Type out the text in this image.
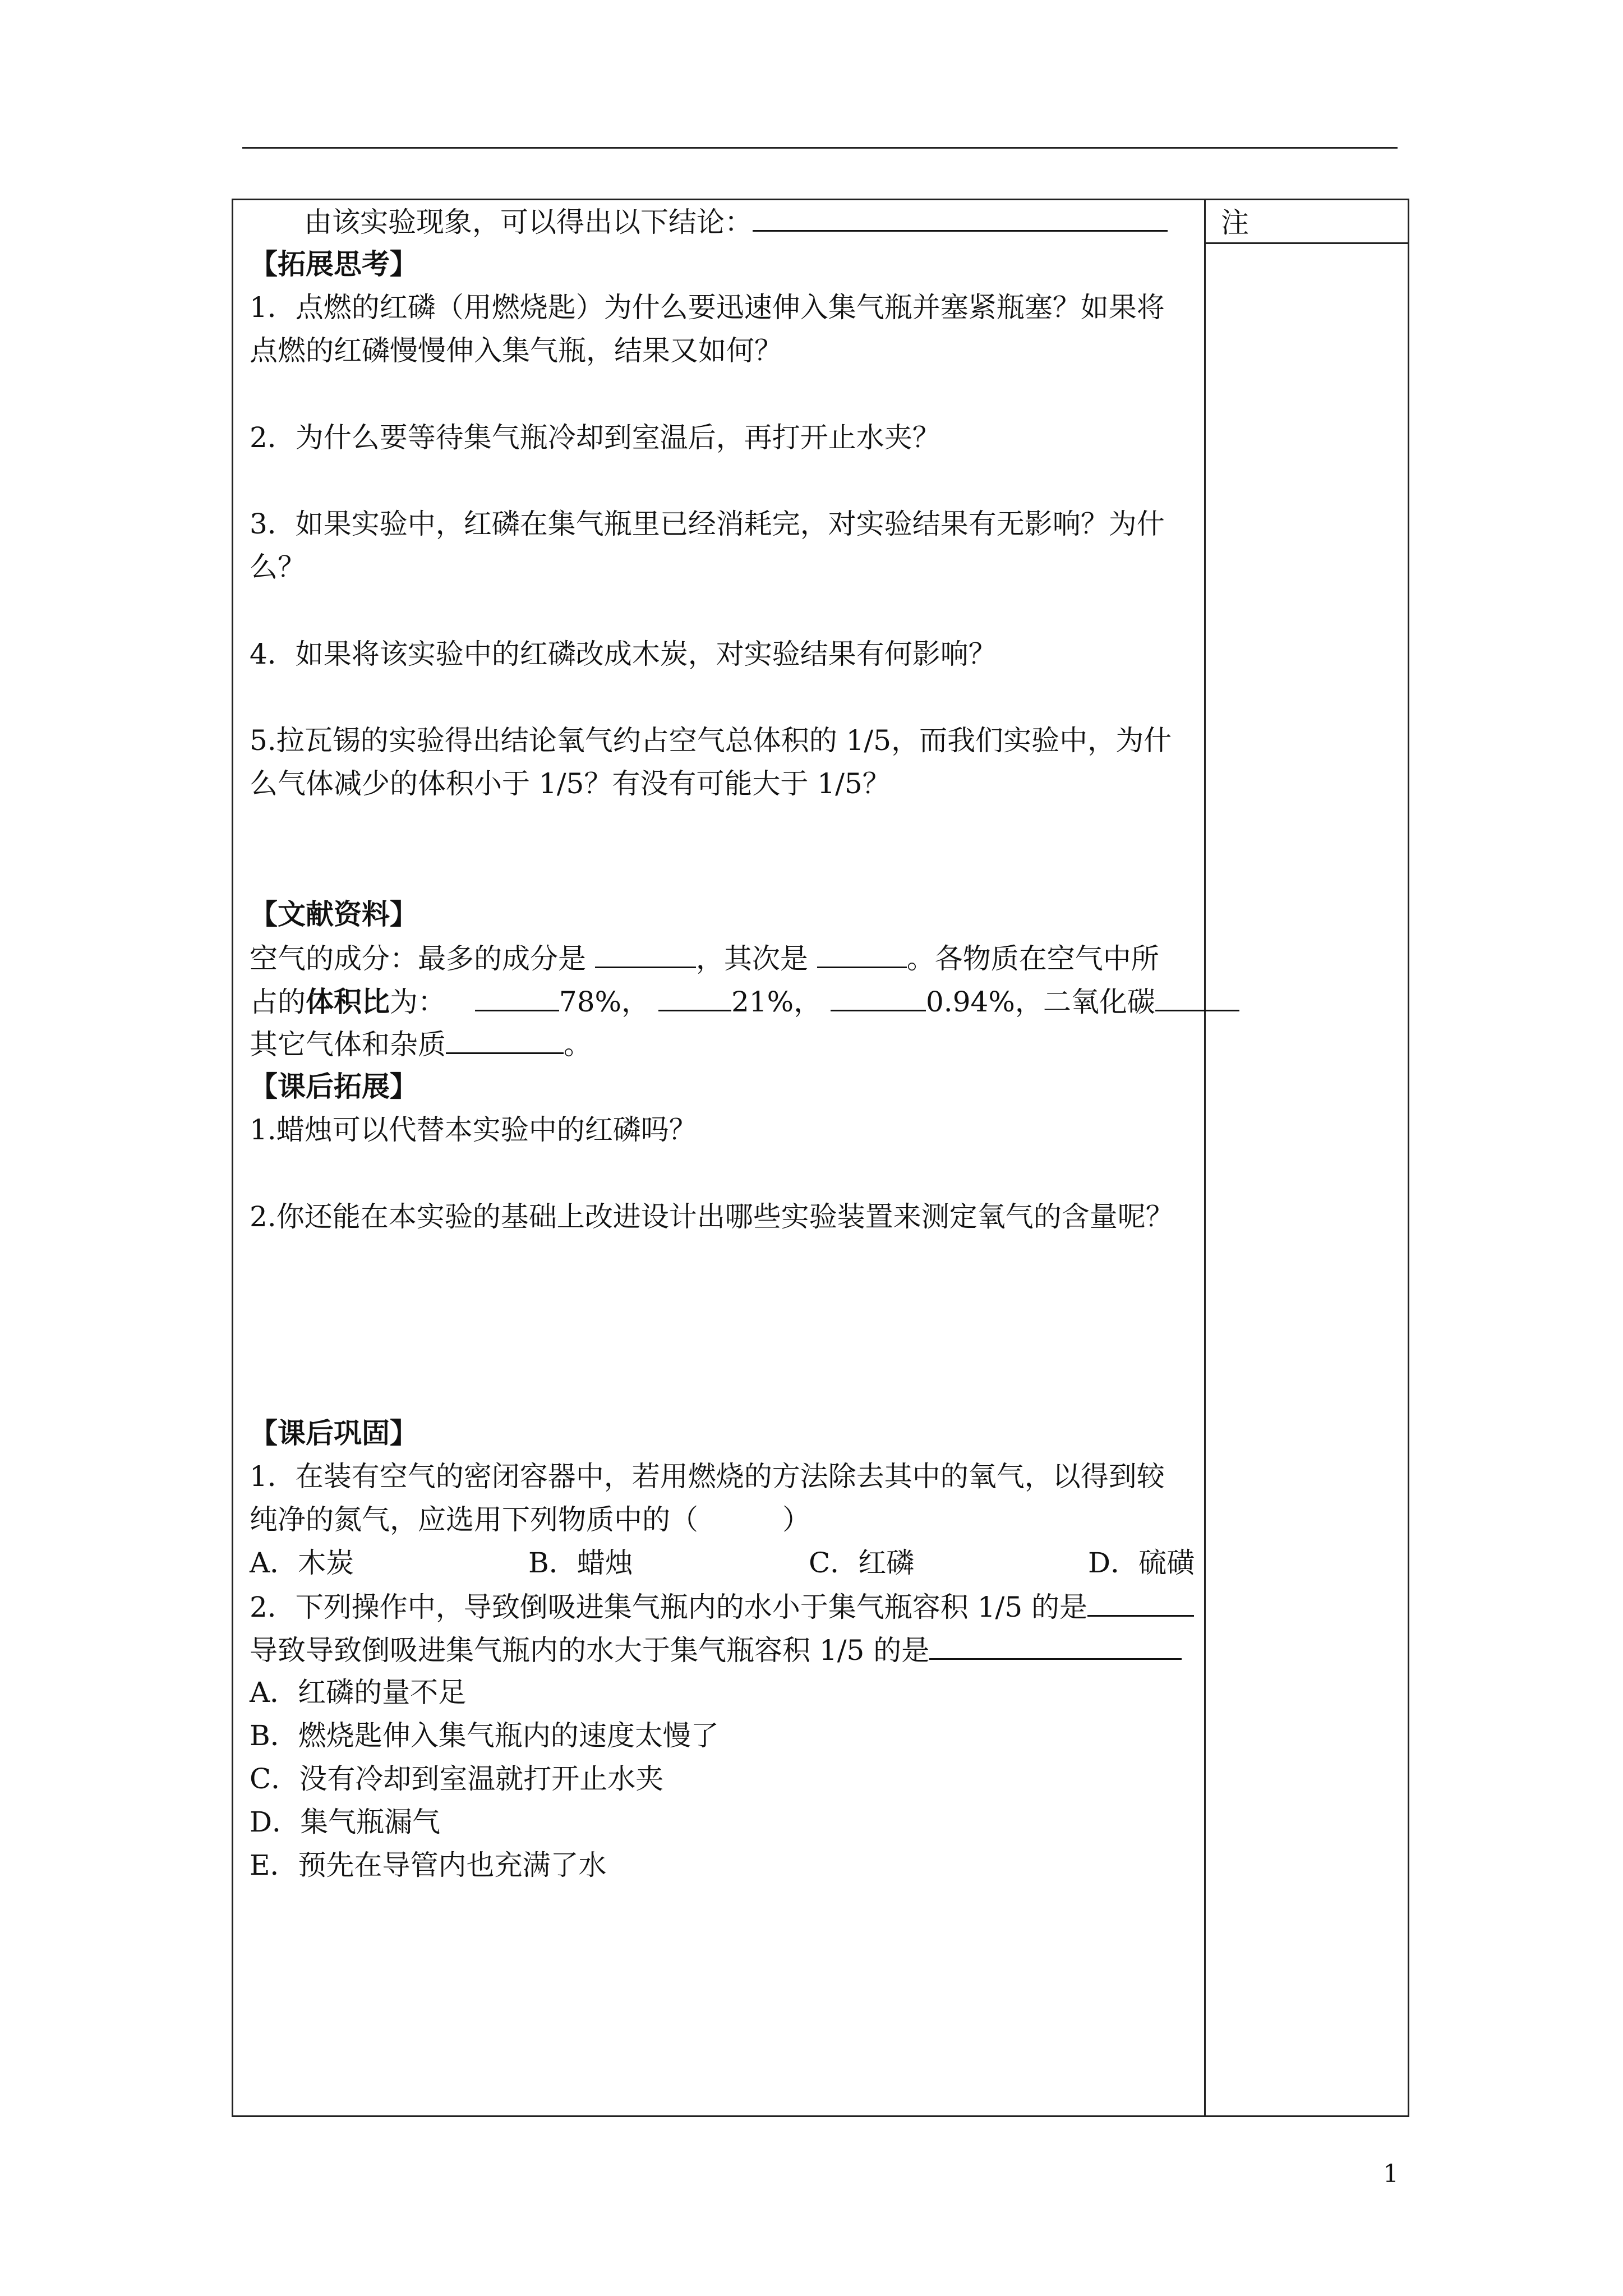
注
由该实验现象，可以得出以下结论：
【拓展思考】
1．点燃的红磷（用燃烧匙）为什么要迅速伸入集气瓶并塞紧瓶塞？如果将
点燃的红磷慢慢伸入集气瓶，结果又如何？
2．为什么要等待集气瓶冷却到室温后，再打开止水夹？
3．如果实验中，红磷在集气瓶里已经消耗完，对实验结果有无影响？为什
么？
4．如果将该实验中的红磷改成木炭，对实验结果有何影响？
5.拉瓦锡的实验得出结论氧气约占空气总体积的 1/5，而我们实验中，为什
么气体减少的体积小于 1/5？有没有可能大于 1/5？
【文献资料】
空气的成分：最多的成分是	，其次是	。各物质在空气中所
占的体积比为：	78%，	21%，	0.94%，二氧化碳
其它气体和杂质	。
【课后拓展】
1.蜡烛可以代替本实验中的红磷吗？
2.你还能在本实验的基础上改进设计出哪些实验装置来测定氧气的含量呢？
【课后巩固】
1．在装有空气的密闭容器中，若用燃烧的方法除去其中的氧气，以得到较
纯净的氮气，应选用下列物质中的（　　　）
A．木炭	B．蜡烛	C．红磷	D．硫磺
2．下列操作中，导致倒吸进集气瓶内的水小于集气瓶容积 1/5 的是
导致导致倒吸进集气瓶内的水大于集气瓶容积 1/5 的是
A．红磷的量不足
B．燃烧匙伸入集气瓶内的速度太慢了
C．没有冷却到室温就打开止水夹
D．集气瓶漏气
E．预先在导管内也充满了水
1
